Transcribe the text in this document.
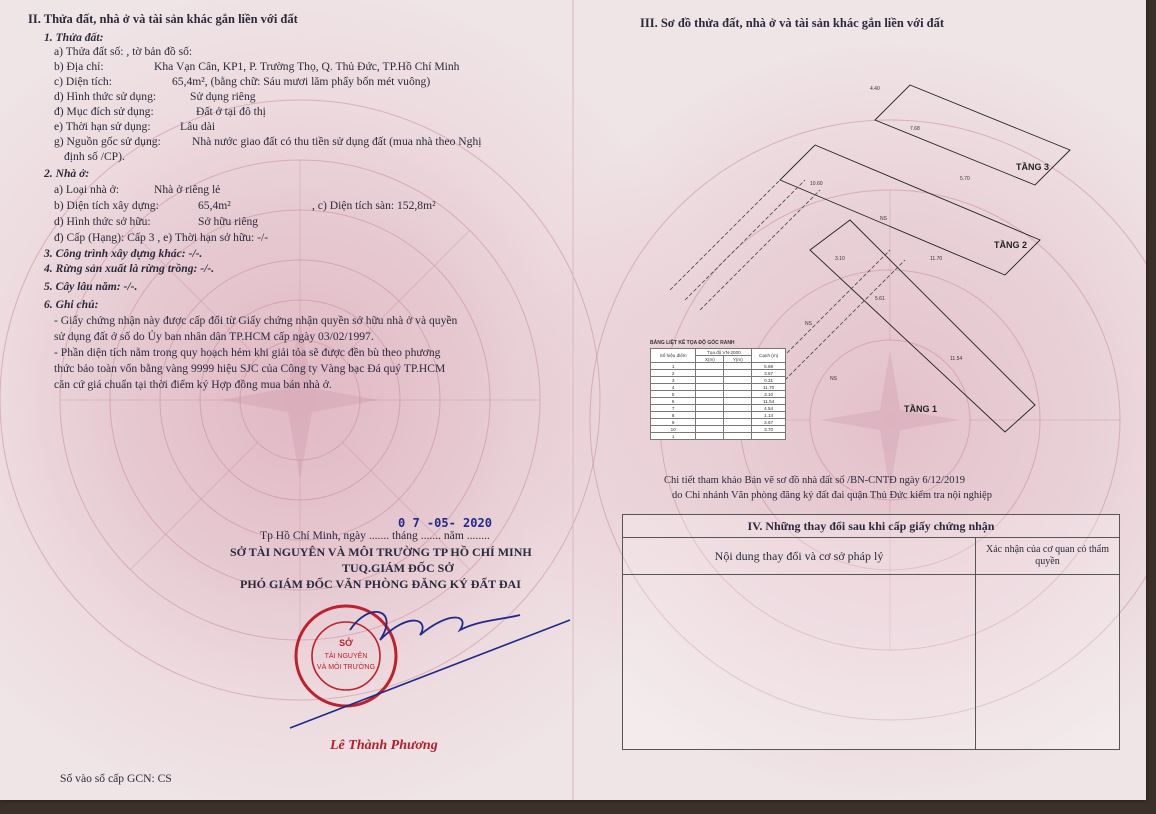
II. Thửa đất, nhà ở và tài sản khác gắn liền với đất
1. Thửa đất:
a) Thửa đất số: , tờ bản đồ số:
b) Địa chỉ:	Kha Vạn Cân, KP1, P. Trường Thọ, Q. Thủ Đức, TP.Hồ Chí Minh
c) Diện tích:	65,4m², (bằng chữ: Sáu mươi lăm phẩy bốn mét vuông)
d) Hình thức sử dụng:	Sử dụng riêng
đ) Mục đích sử dụng:	Đất ở tại đô thị
e) Thời hạn sử dụng:	Lâu dài
g) Nguồn gốc sử dụng:	Nhà nước giao đất có thu tiền sử dụng đất (mua nhà theo Nghị
định số /CP).
2. Nhà ở:
a) Loại nhà ở:	Nhà ở riêng lẻ
b) Diện tích xây dựng:	65,4m²	, c) Diện tích sàn: 152,8m²
d) Hình thức sở hữu:	Sở hữu riêng
đ) Cấp (Hạng): Cấp 3 , e) Thời hạn sở hữu: -/-
3. Công trình xây dựng khác: -/-.
4. Rừng sản xuất là rừng trồng: -/-.
5. Cây lâu năm: -/-.
6. Ghi chú:
- Giấy chứng nhận này được cấp đổi từ Giấy chứng nhận quyền sở hữu nhà ở và quyền
sử dụng đất ở số do Ủy ban nhân dân TP.HCM cấp ngày 03/02/1997.
- Phần diện tích nằm trong quy hoạch hẻm khi giải tỏa sẽ được đền bù theo phương
thức bảo toàn vốn bằng vàng 9999 hiệu SJC của Công ty Vàng bạc Đá quý TP.HCM
căn cứ giá chuẩn tại thời điểm ký Hợp đồng mua bán nhà ở.
Tp Hồ Chí Minh, ngày ....... tháng ....... năm ........
0 7 -05- 2020
SỞ TÀI NGUYÊN VÀ MÔI TRƯỜNG TP HỒ CHÍ MINH
TUQ.GIÁM ĐỐC SỞ
PHÓ GIÁM ĐỐC VĂN PHÒNG ĐĂNG KÝ ĐẤT ĐAI
SỞ
TÀI NGUYÊN
VÀ MÔI TRƯỜNG
Lê Thành Phương
Số vào sổ cấp GCN: CS
III. Sơ đồ thửa đất, nhà ở và tài sản khác gắn liền với đất
4.40
7.68
5.70
10.60
NS
11.70
3.10
5.61
11.54
NS
NS
TẦNG 3
TẦNG 2
TẦNG 1
BẢNG LIỆT KÊ TỌA ĐỘ GÓC RANH
Số hiệu điểm	Tọa độ VN-2000		Cạnh (m)
	X(m)	Y(m)	
1			5.68
2			3.67
3			0.31
4			11.70
5			3.10
6			11.54
7			4.54
8			1.14
9			3.67
10			3.70
1			
Chi tiết tham khảo Bản vẽ sơ đồ nhà đất số /BN-CNTĐ ngày 6/12/2019
do Chi nhánh Văn phòng đăng ký đất đai quận Thủ Đức kiểm tra nội nghiệp
IV. Những thay đổi sau khi cấp giấy chứng nhận
Nội dung thay đổi và cơ sở pháp lý	Xác nhận của cơ quan có thẩm quyền
